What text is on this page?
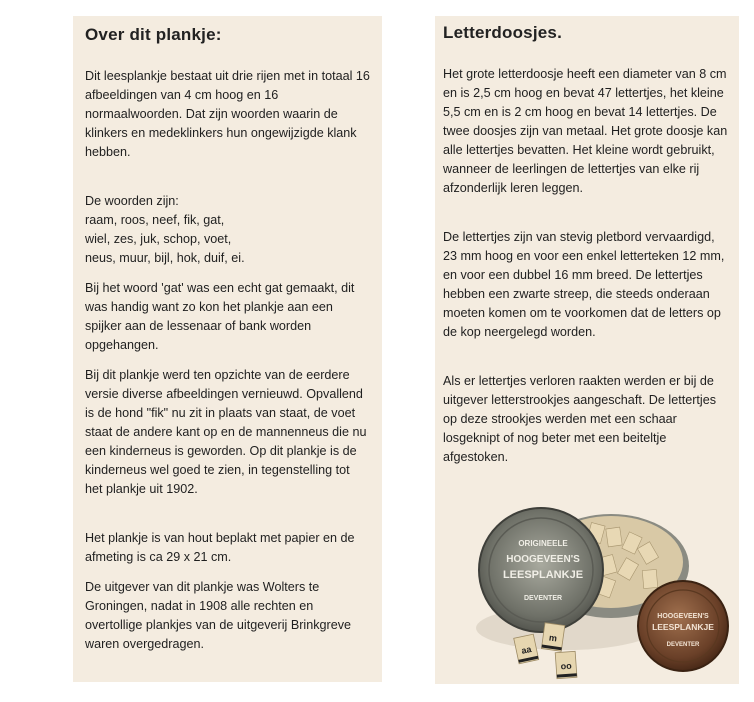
Over dit plankje:

Dit leesplankje bestaat uit drie rijen met in totaal 16 afbeeldingen van 4 cm hoog en 16 normaalwoorden. Dat zijn woorden waarin de klinkers en medeklinkers hun ongewijzigde klank hebben.

De woorden zijn:
raam, roos, neef, fik, gat,
wiel, zes, juk, schop, voet,
neus, muur, bijl, hok, duif, ei.

Bij het woord 'gat' was een echt gat gemaakt, dit was handig want zo kon het plankje aan een spijker aan de lessenaar of bank worden opgehangen.

Bij dit plankje werd ten opzichte van de eerdere versie diverse afbeeldingen vernieuwd. Opvallend is de hond "fik" nu zit in plaats van staat, de voet staat de andere kant op en de mannenneus die nu een kinderneus is geworden. Op dit plankje is de kinderneus wel goed te zien, in tegenstelling tot het plankje uit 1902.

Het plankje is van hout beplakt met papier en de afmeting is ca 29 x 21 cm.

De uitgever van dit plankje was Wolters te Groningen, nadat in 1908 alle rechten en overtollige plankjes van de uitgeverij Brinkgreve waren overgedragen.

Letterdoosjes.

Het grote letterdoosje heeft een diameter van 8 cm en is 2,5 cm hoog en bevat 47 lettertjes, het kleine 5,5 cm en is 2 cm hoog en bevat 14 lettertjes. De twee doosjes zijn van metaal. Het grote doosje kan alle lettertjes bevatten. Het kleine wordt gebruikt, wanneer de leerlingen de lettertjes van elke rij afzonderlijk leren leggen.

De lettertjes zijn van stevig pletbord vervaardigd, 23 mm hoog en voor een enkel letterteken 12 mm, en voor een dubbel 16 mm breed. De lettertjes hebben een zwarte streep, die steeds onderaan moeten komen om te voorkomen dat de letters op de kop neergelegd worden.

Als er lettertjes verloren raakten werden er bij de uitgever letterstrookjes aangeschaft. De lettertjes op deze strookjes werden met een schaar losgeknipt of nog beter met een beiteltje afgestoken.

ORIGINEELE
HOOGEVEEN'S
LEESPLANKJE
DEVENTER
HOOGEVEEN'S
LEESPLANKJE
DEVENTER
aa
m
oo
